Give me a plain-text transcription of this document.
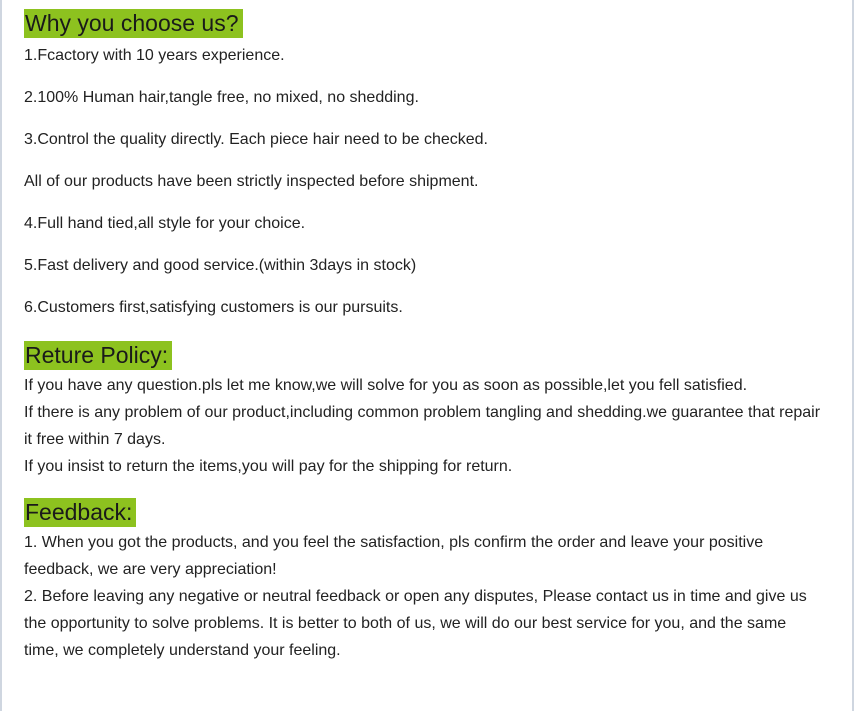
Why you choose us?
1.Fcactory with 10 years experience.
2.100% Human hair,tangle free, no mixed, no shedding.
3.Control the quality directly. Each piece hair need to be checked.
All of our products have been strictly inspected before shipment.
4.Full hand tied,all style for your choice.
5.Fast delivery and good service.(within 3days in stock)
6.Customers first,satisfying customers is our pursuits.
Reture Policy:

If you have any question.pls let me know,we will solve for you as soon as possible,let you fell satisfied.

If there is any problem of our product,including common problem tangling and shedding.we guarantee that repair it free within 7 days.

If you insist to return the items,you will pay for the shipping for return.

Feedback:

1. When you got the products, and you feel the satisfaction, pls confirm the order and leave your positive feedback, we are very appreciation!

2. Before leaving any negative or neutral feedback or open any disputes, Please contact us in time and give us the opportunity to solve problems. It is better to both of us, we will do our best service for you, and the same time, we completely understand your feeling.
